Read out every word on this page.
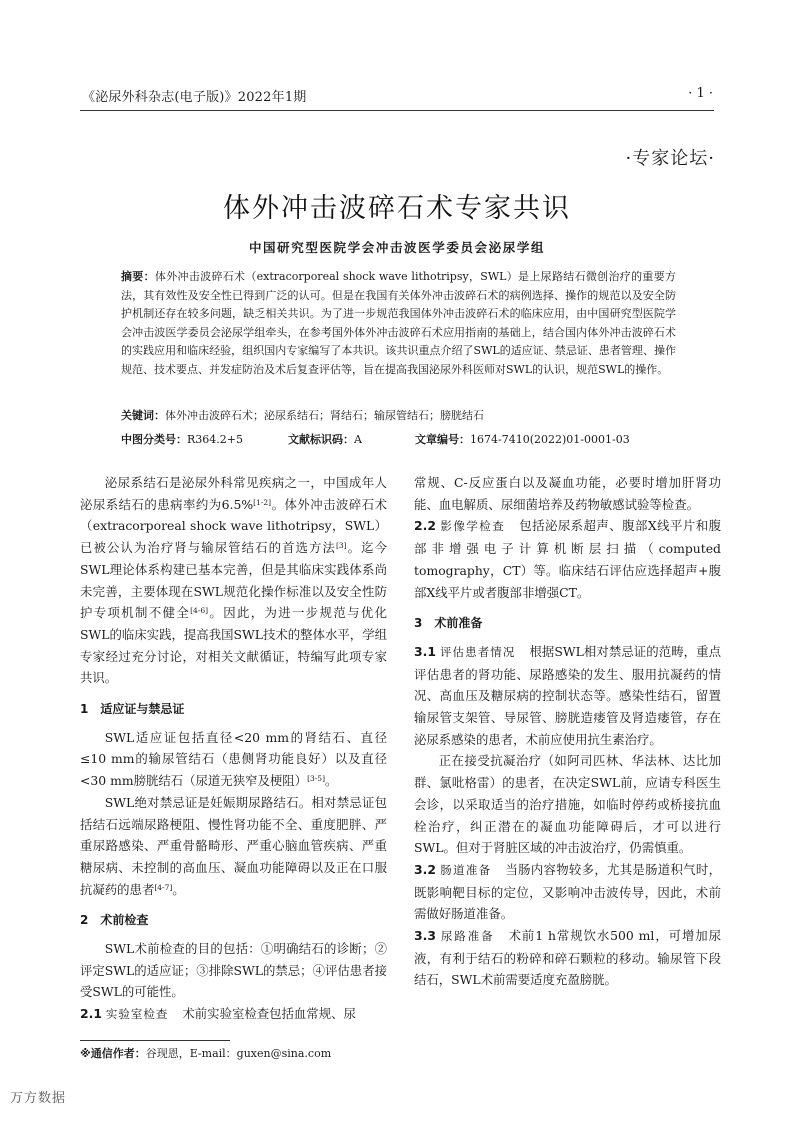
《泌尿外科杂志(电子版)》2022年1期	· 1 ·
·专家论坛·
体外冲击波碎石术专家共识
中国研究型医院学会冲击波医学委员会泌尿学组
摘要：体外冲击波碎石术（extracorporeal shock wave lithotripsy，SWL）是上尿路结石微创治疗的重要方法，其有效性及安全性已得到广泛的认可。但是在我国有关体外冲击波碎石术的病例选择、操作的规范以及安全防护机制还存在较多问题，缺乏相关共识。为了进一步规范我国体外冲击波碎石术的临床应用，由中国研究型医院学会冲击波医学委员会泌尿学组牵头，在参考国外体外冲击波碎石术应用指南的基础上，结合国内体外冲击波碎石术的实践应用和临床经验，组织国内专家编写了本共识。该共识重点介绍了SWL的适应证、禁忌证、患者管理、操作规范、技术要点、并发症防治及术后复查评估等，旨在提高我国泌尿外科医师对SWL的认识，规范SWL的操作。
关键词：体外冲击波碎石术；泌尿系结石；肾结石；输尿管结石；膀胱结石
中图分类号：R364.2+5	文献标识码：A	文章编号：1674-7410(2022)01-0001-03

泌尿系结石是泌尿外科常见疾病之一，中国成年人泌尿系结石的患病率约为6.5%[1-2]。体外冲击波碎石术（extracorporeal shock wave lithotripsy，SWL）已被公认为治疗肾与输尿管结石的首选方法[3]。迄今SWL理论体系构建已基本完善，但是其临床实践体系尚未完善，主要体现在SWL规范化操作标准以及安全性防护专项机制不健全[4-6]。因此，为进一步规范与优化SWL的临床实践，提高我国SWL技术的整体水平，学组专家经过充分讨论，对相关文献循证，特编写此项专家共识。

1　适应证与禁忌证

SWL适应证包括直径<20 mm的肾结石、直径≤10 mm的输尿管结石（患侧肾功能良好）以及直径<30 mm膀胱结石（尿道无狭窄及梗阻）[3-5]。

SWL绝对禁忌证是妊娠期尿路结石。相对禁忌证包括结石远端尿路梗阻、慢性肾功能不全、重度肥胖、严重尿路感染、严重骨骼畸形、严重心脑血管疾病、严重糖尿病、未控制的高血压、凝血功能障碍以及正在口服抗凝药的患者[4-7]。

2　术前检查

SWL术前检查的目的包括：①明确结石的诊断；②评定SWL的适应证；③排除SWL的禁忌；④评估患者接受SWL的可能性。

2.1 实验室检查 术前实验室检查包括血常规、尿

常规、C-反应蛋白以及凝血功能，必要时增加肝肾功能、血电解质、尿细菌培养及药物敏感试验等检查。

2.2 影像学检查 包括泌尿系超声、腹部X线平片和腹部非增强电子计算机断层扫描（computed tomography，CT）等。临床结石评估应选择超声+腹部X线平片或者腹部非增强CT。

3　术前准备

3.1 评估患者情况 根据SWL相对禁忌证的范畴，重点评估患者的肾功能、尿路感染的发生、服用抗凝药的情况、高血压及糖尿病的控制状态等。感染性结石，留置输尿管支架管、导尿管、膀胱造瘘管及肾造瘘管，存在泌尿系感染的患者，术前应使用抗生素治疗。

正在接受抗凝治疗（如阿司匹林、华法林、达比加群、氯吡格雷）的患者，在决定SWL前，应请专科医生会诊，以采取适当的治疗措施，如临时停药或桥接抗血栓治疗，纠正潜在的凝血功能障碍后，才可以进行SWL。但对于肾脏区域的冲击波治疗，仍需慎重。

3.2 肠道准备 当肠内容物较多，尤其是肠道积气时，既影响靶目标的定位，又影响冲击波传导，因此，术前需做好肠道准备。

3.3 尿路准备 术前1 h常规饮水500 ml，可增加尿液，有利于结石的粉碎和碎石颗粒的移动。输尿管下段结石，SWL术前需要适度充盈膀胱。

※通信作者：谷现恩，E-mail：guxen@sina.com
万方数据
